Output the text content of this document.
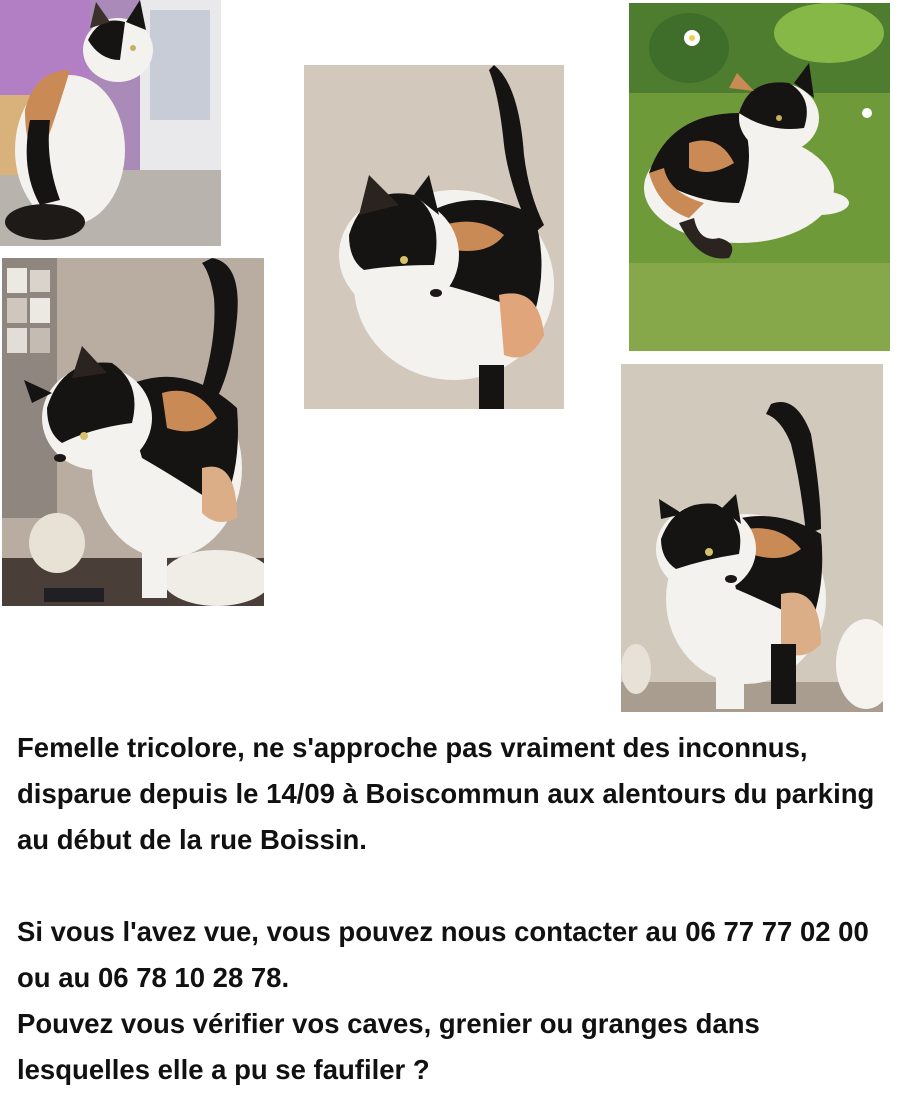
Femelle tricolore, ne s'approche pas vraiment des inconnus, disparue depuis le 14/09 à Boiscommun aux alentours du parking au début de la rue Boissin.

Si vous l'avez vue, vous pouvez nous contacter au 06 77 77 02 00 ou au 06 78 10 28 78.

Pouvez vous vérifier vos caves, grenier ou granges dans lesquelles elle a pu se faufiler ?
